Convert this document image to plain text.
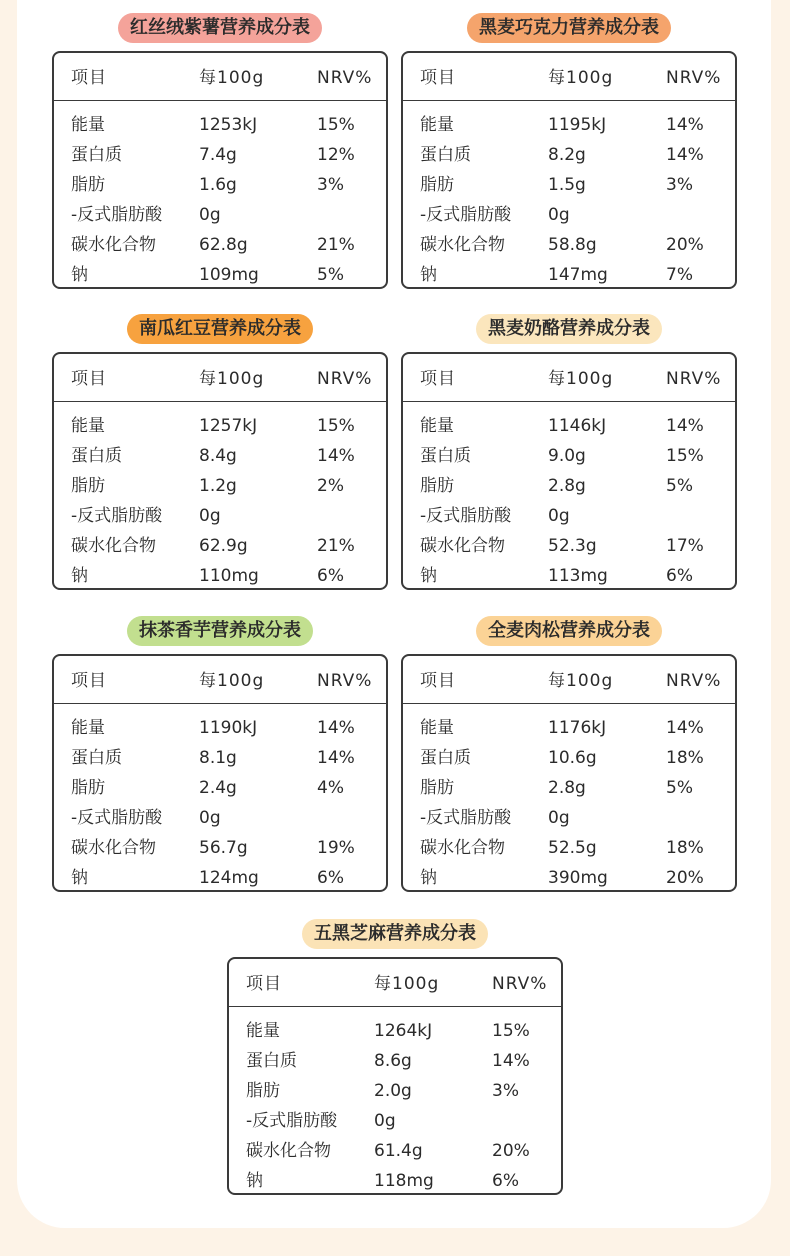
红丝绒紫薯营养成分表
项目	每100g	NRV%
能量	1253kJ	15%
蛋白质	7.4g	12%
脂肪	1.6g	3%
-反式脂肪酸 0g
碳水化合物	62.8g	21%
钠	109mg	5%
黑麦巧克力营养成分表
项目	每100g	NRV%
能量	1195kJ	14%
蛋白质	8.2g	14%
脂肪	1.5g	3%
-反式脂肪酸 0g
碳水化合物	58.8g	20%
钠	147mg	7%
南瓜红豆营养成分表
项目	每100g	NRV%
能量	1257kJ	15%
蛋白质	8.4g	14%
脂肪	1.2g	2%
-反式脂肪酸 0g
碳水化合物	62.9g	21%
钠	110mg	6%
黑麦奶酪营养成分表
项目	每100g	NRV%
能量	1146kJ	14%
蛋白质	9.0g	15%
脂肪	2.8g	5%
-反式脂肪酸 0g
碳水化合物	52.3g	17%
钠	113mg	6%
抹茶香芋营养成分表
项目	每100g	NRV%
能量	1190kJ	14%
蛋白质	8.1g	14%
脂肪	2.4g	4%
-反式脂肪酸 0g
碳水化合物	56.7g	19%
钠	124mg	6%
全麦肉松营养成分表
项目	每100g	NRV%
能量	1176kJ	14%
蛋白质	10.6g	18%
脂肪	2.8g	5%
-反式脂肪酸 0g
碳水化合物	52.5g	18%
钠	390mg	20%
五黑芝麻营养成分表
项目	每100g	NRV%
能量	1264kJ	15%
蛋白质	8.6g	14%
脂肪	2.0g	3%
-反式脂肪酸 0g
碳水化合物	61.4g	20%
钠	118mg	6%
